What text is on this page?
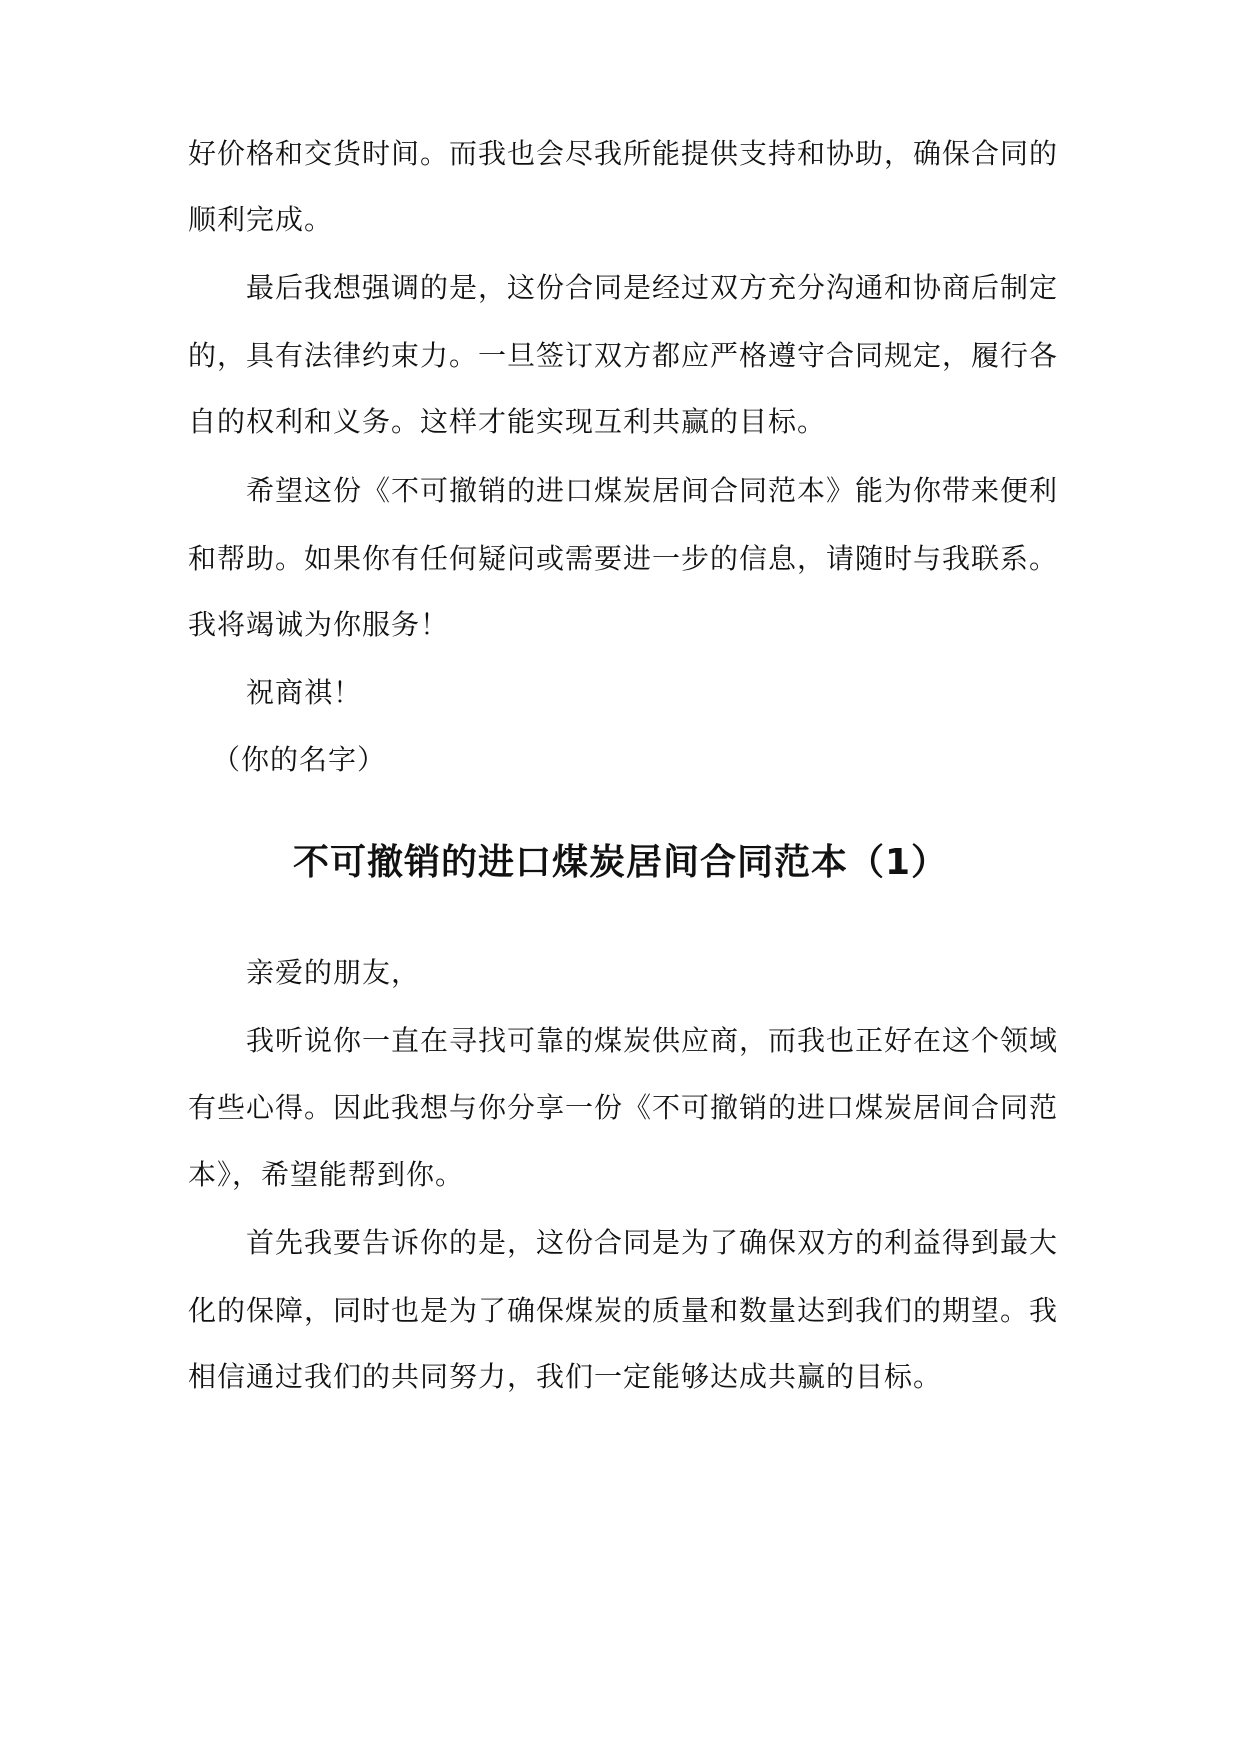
好价格和交货时间。而我也会尽我所能提供支持和协助，确保合同的
顺利完成。
最后我想强调的是，这份合同是经过双方充分沟通和协商后制定
的，具有法律约束力。一旦签订双方都应严格遵守合同规定，履行各
自的权利和义务。这样才能实现互利共赢的目标。
希望这份《不可撤销的进口煤炭居间合同范本》能为你带来便利
和帮助。如果你有任何疑问或需要进一步的信息，请随时与我联系。
我将竭诚为你服务！
祝商祺！
（你的名字）
不可撤销的进口煤炭居间合同范本（1）
亲爱的朋友，
我听说你一直在寻找可靠的煤炭供应商，而我也正好在这个领域
有些心得。因此我想与你分享一份《不可撤销的进口煤炭居间合同范
本》，希望能帮到你。
首先我要告诉你的是，这份合同是为了确保双方的利益得到最大
化的保障，同时也是为了确保煤炭的质量和数量达到我们的期望。我
相信通过我们的共同努力，我们一定能够达成共赢的目标。
